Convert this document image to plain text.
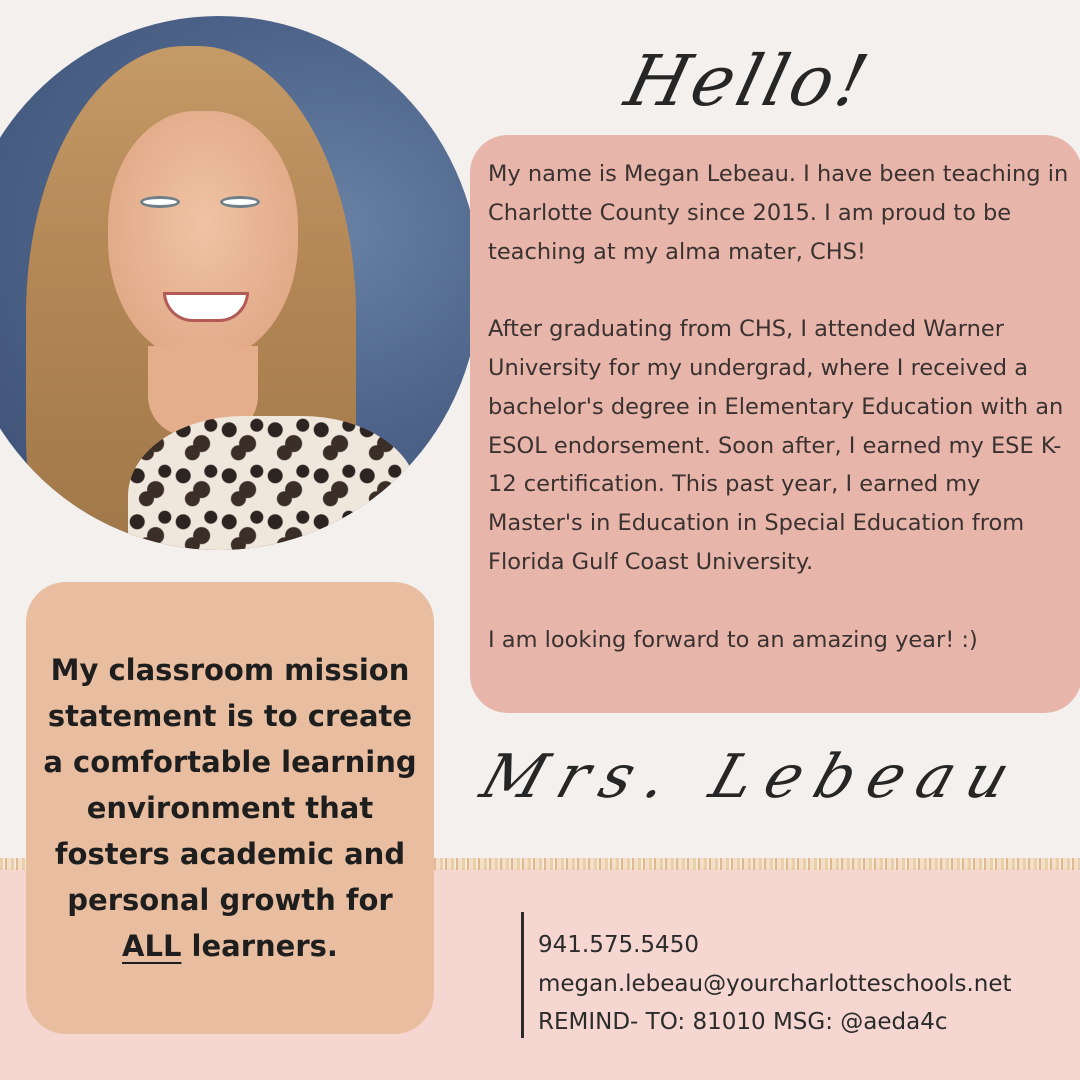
Hello!

My name is Megan Lebeau. I have been teaching in Charlotte County since 2015. I am proud to be teaching at my alma mater, CHS!

After graduating from CHS, I attended Warner University for my undergrad, where I received a bachelor's degree in Elementary Education with an ESOL endorsement. Soon after, I earned my ESE K-12 certification. This past year, I earned my Master's in Education in Special Education from Florida Gulf Coast University.

I am looking forward to an amazing year! :)

Mrs. Lebeau

My classroom mission statement is to create a comfortable learning environment that fosters academic and personal growth for ALL learners.	941.575.5450
megan.lebeau@yourcharlotteschools.net
REMIND- TO: 81010 MSG: @aeda4c
